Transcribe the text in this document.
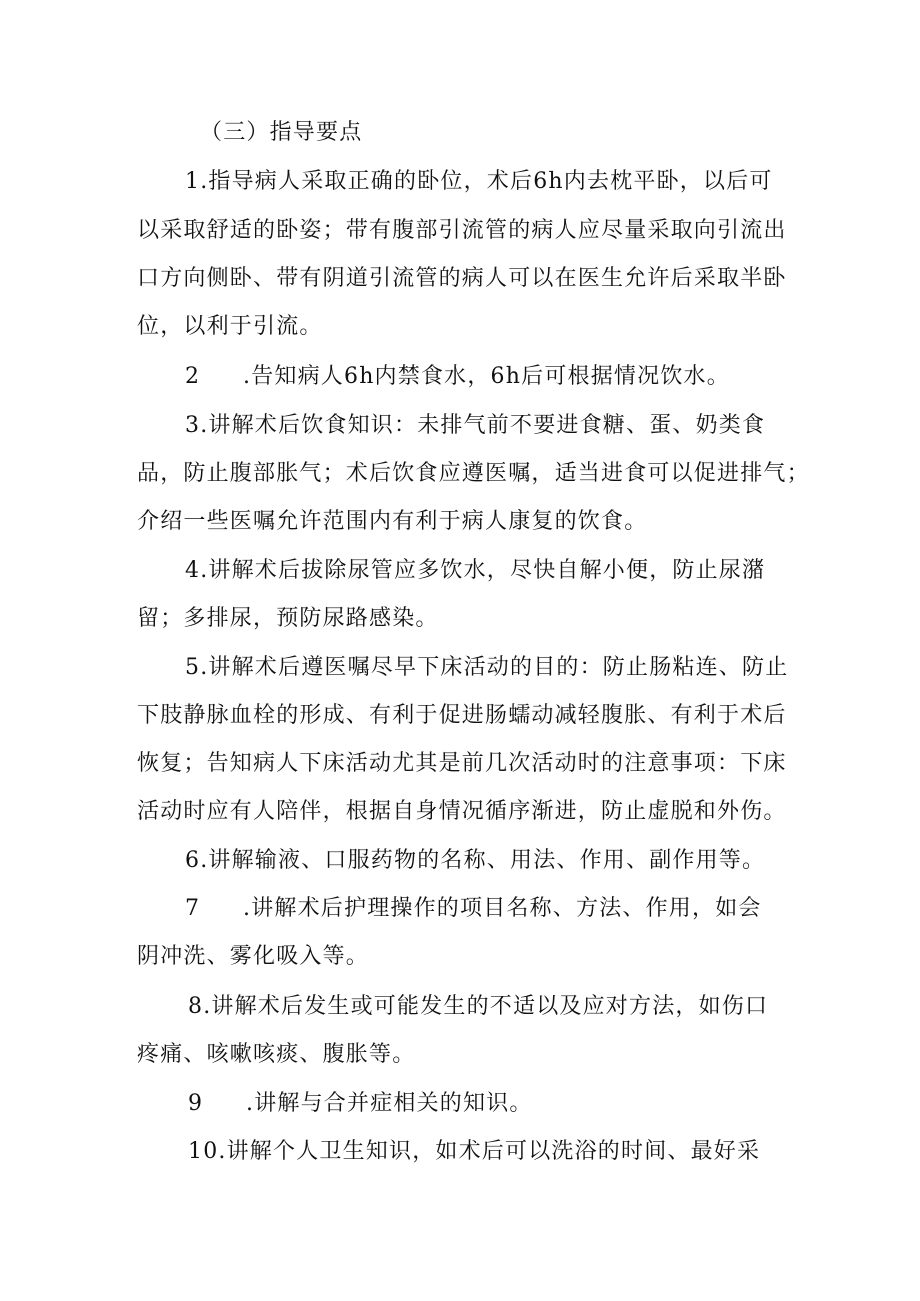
（三）指导要点
1.指导病人采取正确的卧位，术后6h内去枕平卧，以后可
以采取舒适的卧姿；带有腹部引流管的病人应尽量采取向引流出
口方向侧卧、带有阴道引流管的病人可以在医生允许后采取半卧
位，以利于引流。
2 .告知病人6h内禁食水，6h后可根据情况饮水。
3.讲解术后饮食知识：未排气前不要进食糖、蛋、奶类食
品，防止腹部胀气；术后饮食应遵医嘱，适当进食可以促进排气；
介绍一些医嘱允许范围内有利于病人康复的饮食。
4.讲解术后拔除尿管应多饮水，尽快自解小便，防止尿潴
留；多排尿，预防尿路感染。
5.讲解术后遵医嘱尽早下床活动的目的：防止肠粘连、防止
下肢静脉血栓的形成、有利于促进肠蠕动减轻腹胀、有利于术后
恢复；告知病人下床活动尤其是前几次活动时的注意事项：下床
活动时应有人陪伴，根据自身情况循序渐进，防止虚脱和外伤。
6.讲解输液、口服药物的名称、用法、作用、副作用等。
7 .讲解术后护理操作的项目名称、方法、作用，如会
阴冲洗、雾化吸入等。
8.讲解术后发生或可能发生的不适以及应对方法，如伤口
疼痛、咳嗽咳痰、腹胀等。
9 .讲解与合并症相关的知识。
10.讲解个人卫生知识，如术后可以洗浴的时间、最好采
